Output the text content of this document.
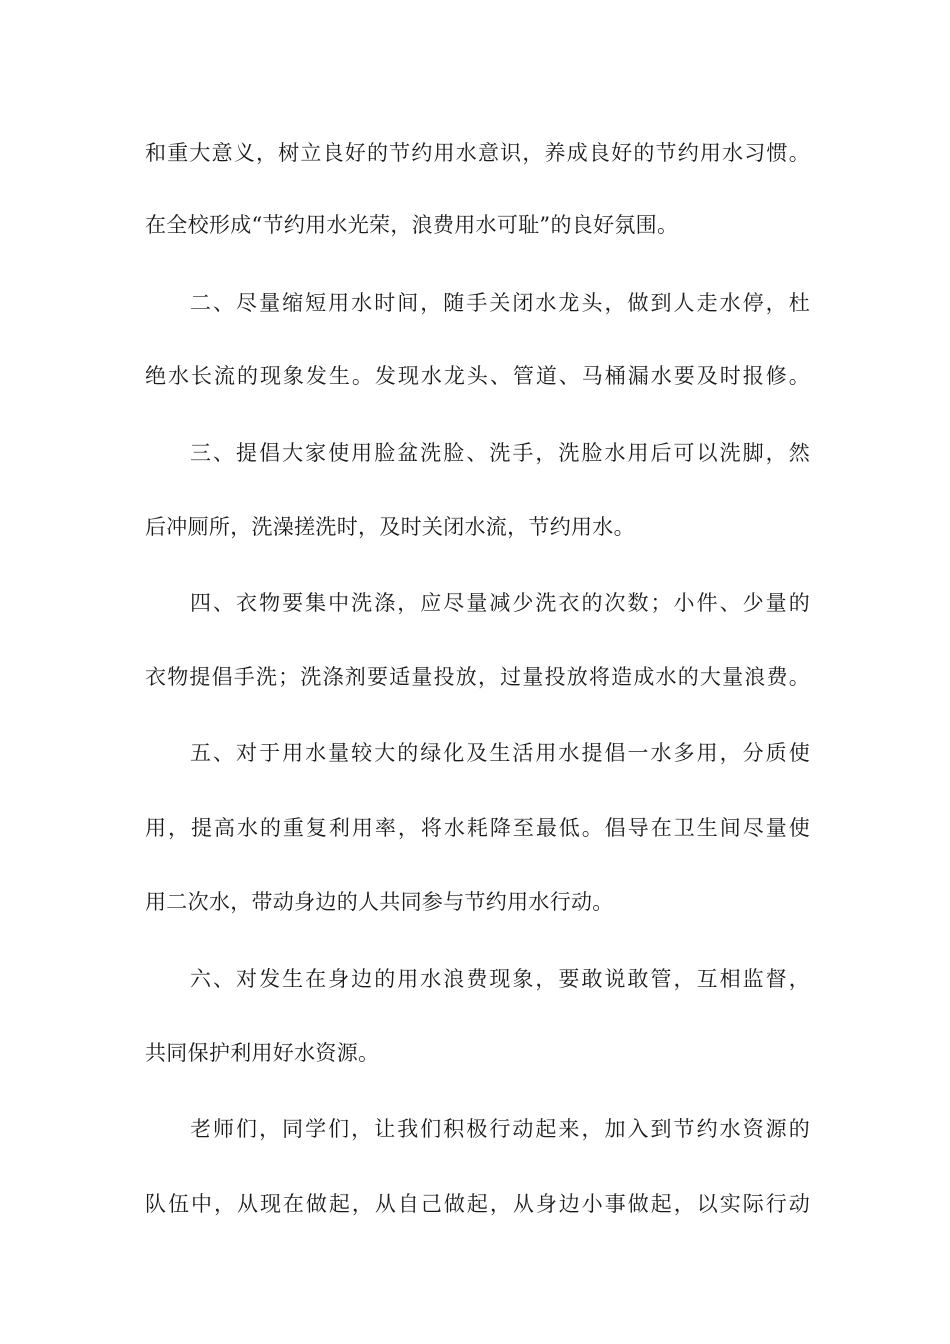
和重大意义，树立良好的节约用水意识，养成良好的节约用水习惯。
在全校形成“节约用水光荣，浪费用水可耻”的良好氛围。
二、尽量缩短用水时间，随手关闭水龙头，做到人走水停，杜
绝水长流的现象发生。发现水龙头、管道、马桶漏水要及时报修。
三、提倡大家使用脸盆洗脸、洗手，洗脸水用后可以洗脚，然
后冲厕所，洗澡搓洗时，及时关闭水流，节约用水。
四、衣物要集中洗涤，应尽量减少洗衣的次数；小件、少量的
衣物提倡手洗；洗涤剂要适量投放，过量投放将造成水的大量浪费。
五、对于用水量较大的绿化及生活用水提倡一水多用，分质使
用，提高水的重复利用率，将水耗降至最低。倡导在卫生间尽量使
用二次水，带动身边的人共同参与节约用水行动。
六、对发生在身边的用水浪费现象，要敢说敢管，互相监督，
共同保护利用好水资源。
老师们，同学们，让我们积极行动起来，加入到节约水资源的
队伍中，从现在做起，从自己做起，从身边小事做起，以实际行动
